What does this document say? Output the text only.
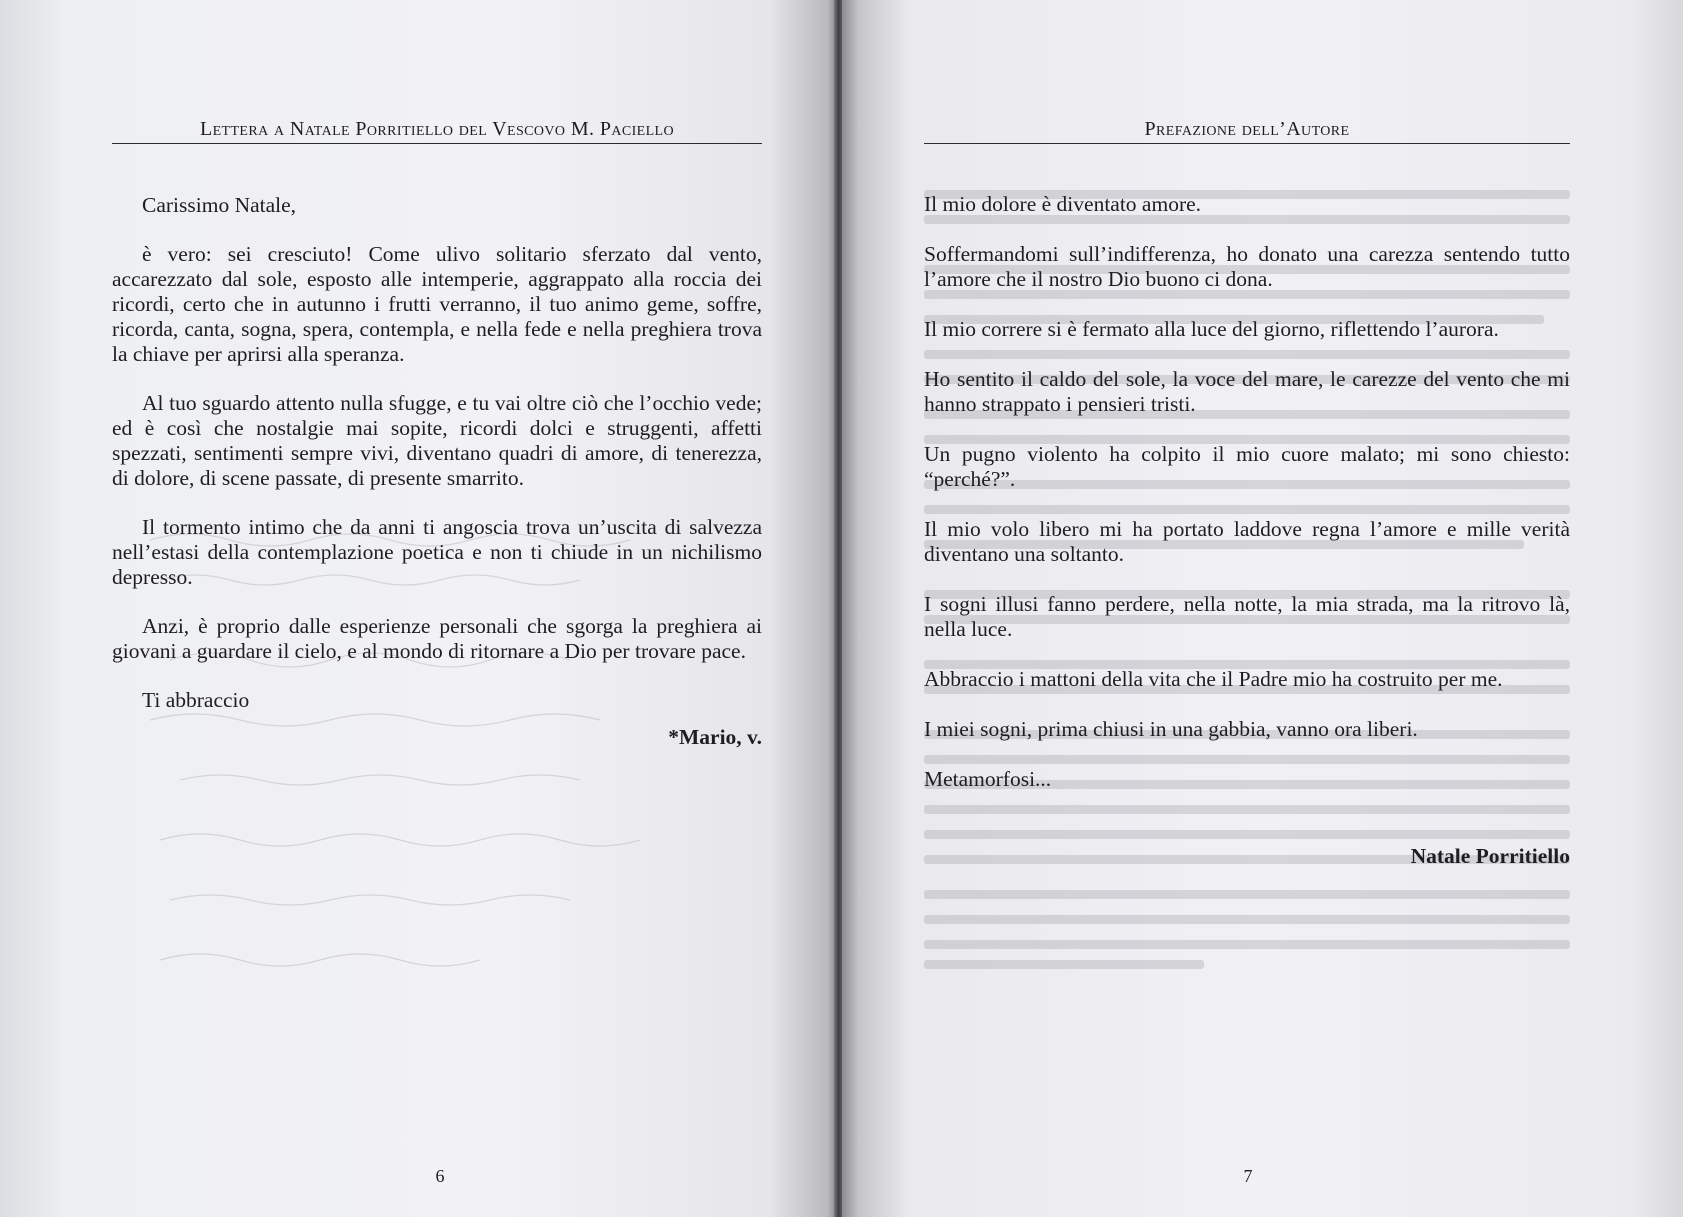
Lettera a Natale Porritiello del Vescovo M. Paciello

Carissimo Natale,

è vero: sei cresciuto! Come ulivo solitario sferzato dal vento, accarezzato dal sole, esposto alle intemperie, aggrappato alla roccia dei ricordi, certo che in autunno i frutti verranno, il tuo animo geme, soffre, ricorda, canta, sogna, spera, contempla, e nella fede e nella preghiera trova la chiave per aprirsi alla speranza.

Al tuo sguardo attento nulla sfugge, e tu vai oltre ciò che l’occhio vede; ed è così che nostalgie mai sopite, ricordi dolci e struggenti, affetti spezzati, sentimenti sempre vivi, diventano quadri di amore, di tenerezza, di dolore, di scene passate, di presente smarrito.

Il tormento intimo che da anni ti angoscia trova un’uscita di salvezza nell’estasi della contemplazione poetica e non ti chiude in un nichilismo depresso.

Anzi, è proprio dalle esperienze personali che sgorga la preghiera ai giovani a guardare il cielo, e al mondo di ritornare a Dio per trovare pace.

Ti abbraccio

*Mario, v.

6
Prefazione dell’Autore

Il mio dolore è diventato amore.

Soffermandomi sull’indifferenza, ho donato una carezza sentendo tutto l’amore che il nostro Dio buono ci dona.

Il mio correre si è fermato alla luce del giorno, riflettendo l’aurora.

Ho sentito il caldo del sole, la voce del mare, le carezze del vento che mi hanno strappato i pensieri tristi.

Un pugno violento ha colpito il mio cuore malato; mi sono chiesto: “perché?”.

Il mio volo libero mi ha portato laddove regna l’amore e mille verità diventano una soltanto.

I sogni illusi fanno perdere, nella notte, la mia strada, ma la ritrovo là, nella luce.

Abbraccio i mattoni della vita che il Padre mio ha costruito per me.

I miei sogni, prima chiusi in una gabbia, vanno ora liberi.

Metamorfosi...

Natale Porritiello

7
